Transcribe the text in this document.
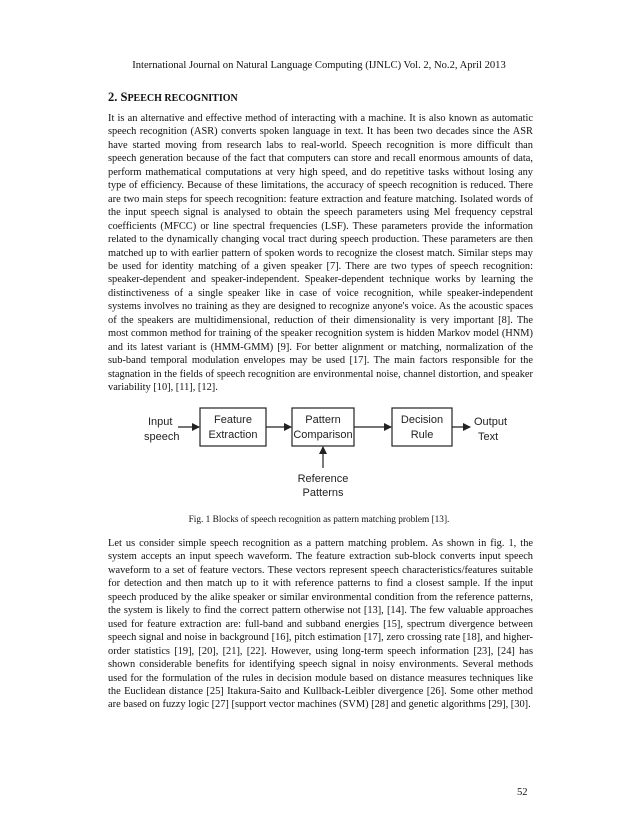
International Journal on Natural Language Computing (IJNLC) Vol. 2, No.2, April 2013
2. SPEECH RECOGNITION

It is an alternative and effective method of interacting with a machine. It is also known as automatic speech recognition (ASR) converts spoken language in text. It has been two decades since the ASR have started moving from research labs to real-world. Speech recognition is more difficult than speech generation because of the fact that computers can store and recall enormous amounts of data, perform mathematical computations at very high speed, and do repetitive tasks without losing any type of efficiency. Because of these limitations, the accuracy of speech recognition is reduced. There are two main steps for speech recognition: feature extraction and feature matching. Isolated words of the input speech signal is analysed to obtain the speech parameters using Mel frequency cepstral coefficients (MFCC) or line spectral frequencies (LSF). These parameters provide the information related to the dynamically changing vocal tract during speech production. These parameters are then matched up to with earlier pattern of spoken words to recognize the closest match. Similar steps may be used for identity matching of a given speaker [7]. There are two types of speech recognition: speaker-dependent and speaker-independent. Speaker-dependent technique works by learning the distinctiveness of a single speaker like in case of voice recognition, while speaker-independent systems involves no training as they are designed to recognize anyone's voice. As the acoustic spaces of the speakers are multidimensional, reduction of their dimensionality is very important [8]. The most common method for training of the speaker recognition system is hidden Markov model (HNM) and its latest variant is (HMM-GMM) [9]. For better alignment or matching, normalization of the sub-band temporal modulation envelopes may be used [17]. The main factors responsible for the stagnation in the fields of speech recognition are environmental noise, channel distortion, and speaker variability [10], [11], [12].

Input
speech
Feature
Extraction
Pattern
Comparison
Decision
Rule
Output
Text
Reference
Patterns
Fig. 1 Blocks of speech recognition as pattern matching problem [13].

Let us consider simple speech recognition as a pattern matching problem. As shown in fig. 1, the system accepts an input speech waveform. The feature extraction sub-block converts input speech waveform to a set of feature vectors. These vectors represent speech characteristics/features suitable for detection and then match up to it with reference patterns to find a closest sample. If the input speech produced by the alike speaker or similar environmental condition from the reference patterns, the system is likely to find the correct pattern otherwise not [13], [14]. The few valuable approaches used for feature extraction are: full-band and subband energies [15], spectrum divergence between speech signal and noise in background [16], pitch estimation [17], zero crossing rate [18], and higher-order statistics [19], [20], [21], [22]. However, using long-term speech information [23], [24] has shown considerable benefits for identifying speech signal in noisy environments. Several methods used for the formulation of the rules in decision module based on distance measures techniques like the Euclidean distance [25] Itakura-Saito and Kullback-Leibler divergence [26]. Some other method are based on fuzzy logic [27] [support vector machines (SVM) [28] and genetic algorithms [29], [30].

52
